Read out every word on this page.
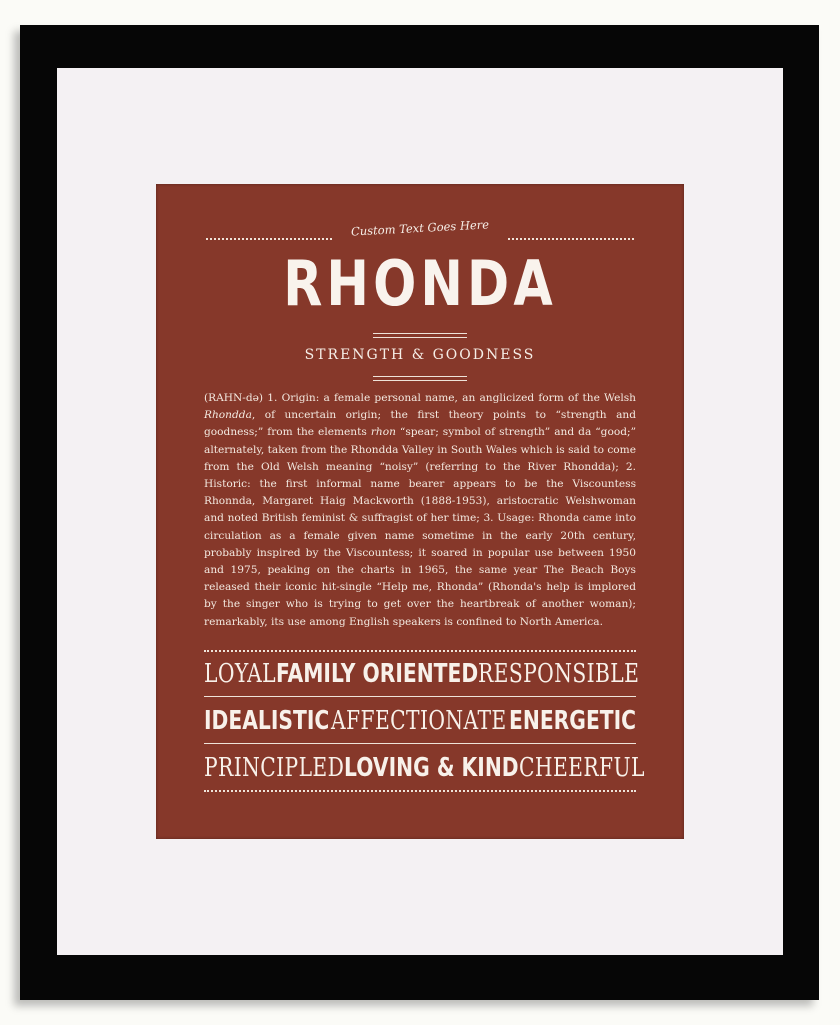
Custom Text Goes Here
RHONDA
STRENGTH & GOODNESS
(RAHN-də) 1. Origin: a female personal name, an anglicized form of the Welsh Rhondda, of uncertain origin; the first theory points to “strength and goodness;” from the elements rhon “spear; symbol of strength” and da “good;” alternately, taken from the Rhondda Valley in South Wales which is said to come from the Old Welsh meaning “noisy” (referring to the River Rhondda); 2. Historic: the first informal name bearer appears to be the Viscountess Rhonnda, Margaret Haig Mackworth (1888-1953), aristocratic Welshwoman and noted British feminist & suffragist of her time; 3. Usage: Rhonda came into circulation as a female given name sometime in the early 20th century, probably inspired by the Viscountess; it soared in popular use between 1950 and 1975, peaking on the charts in 1965, the same year The Beach Boys released their iconic hit-single “Help me, Rhonda” (Rhonda's help is implored by the singer who is trying to get over the heartbreak of another woman); remarkably, its use among English speakers is confined to North America.
LOYAL FAMILY ORIENTED RESPONSIBLE
IDEALISTIC AFFECTIONATE ENERGETIC
PRINCIPLED LOVING & KIND CHEERFUL
